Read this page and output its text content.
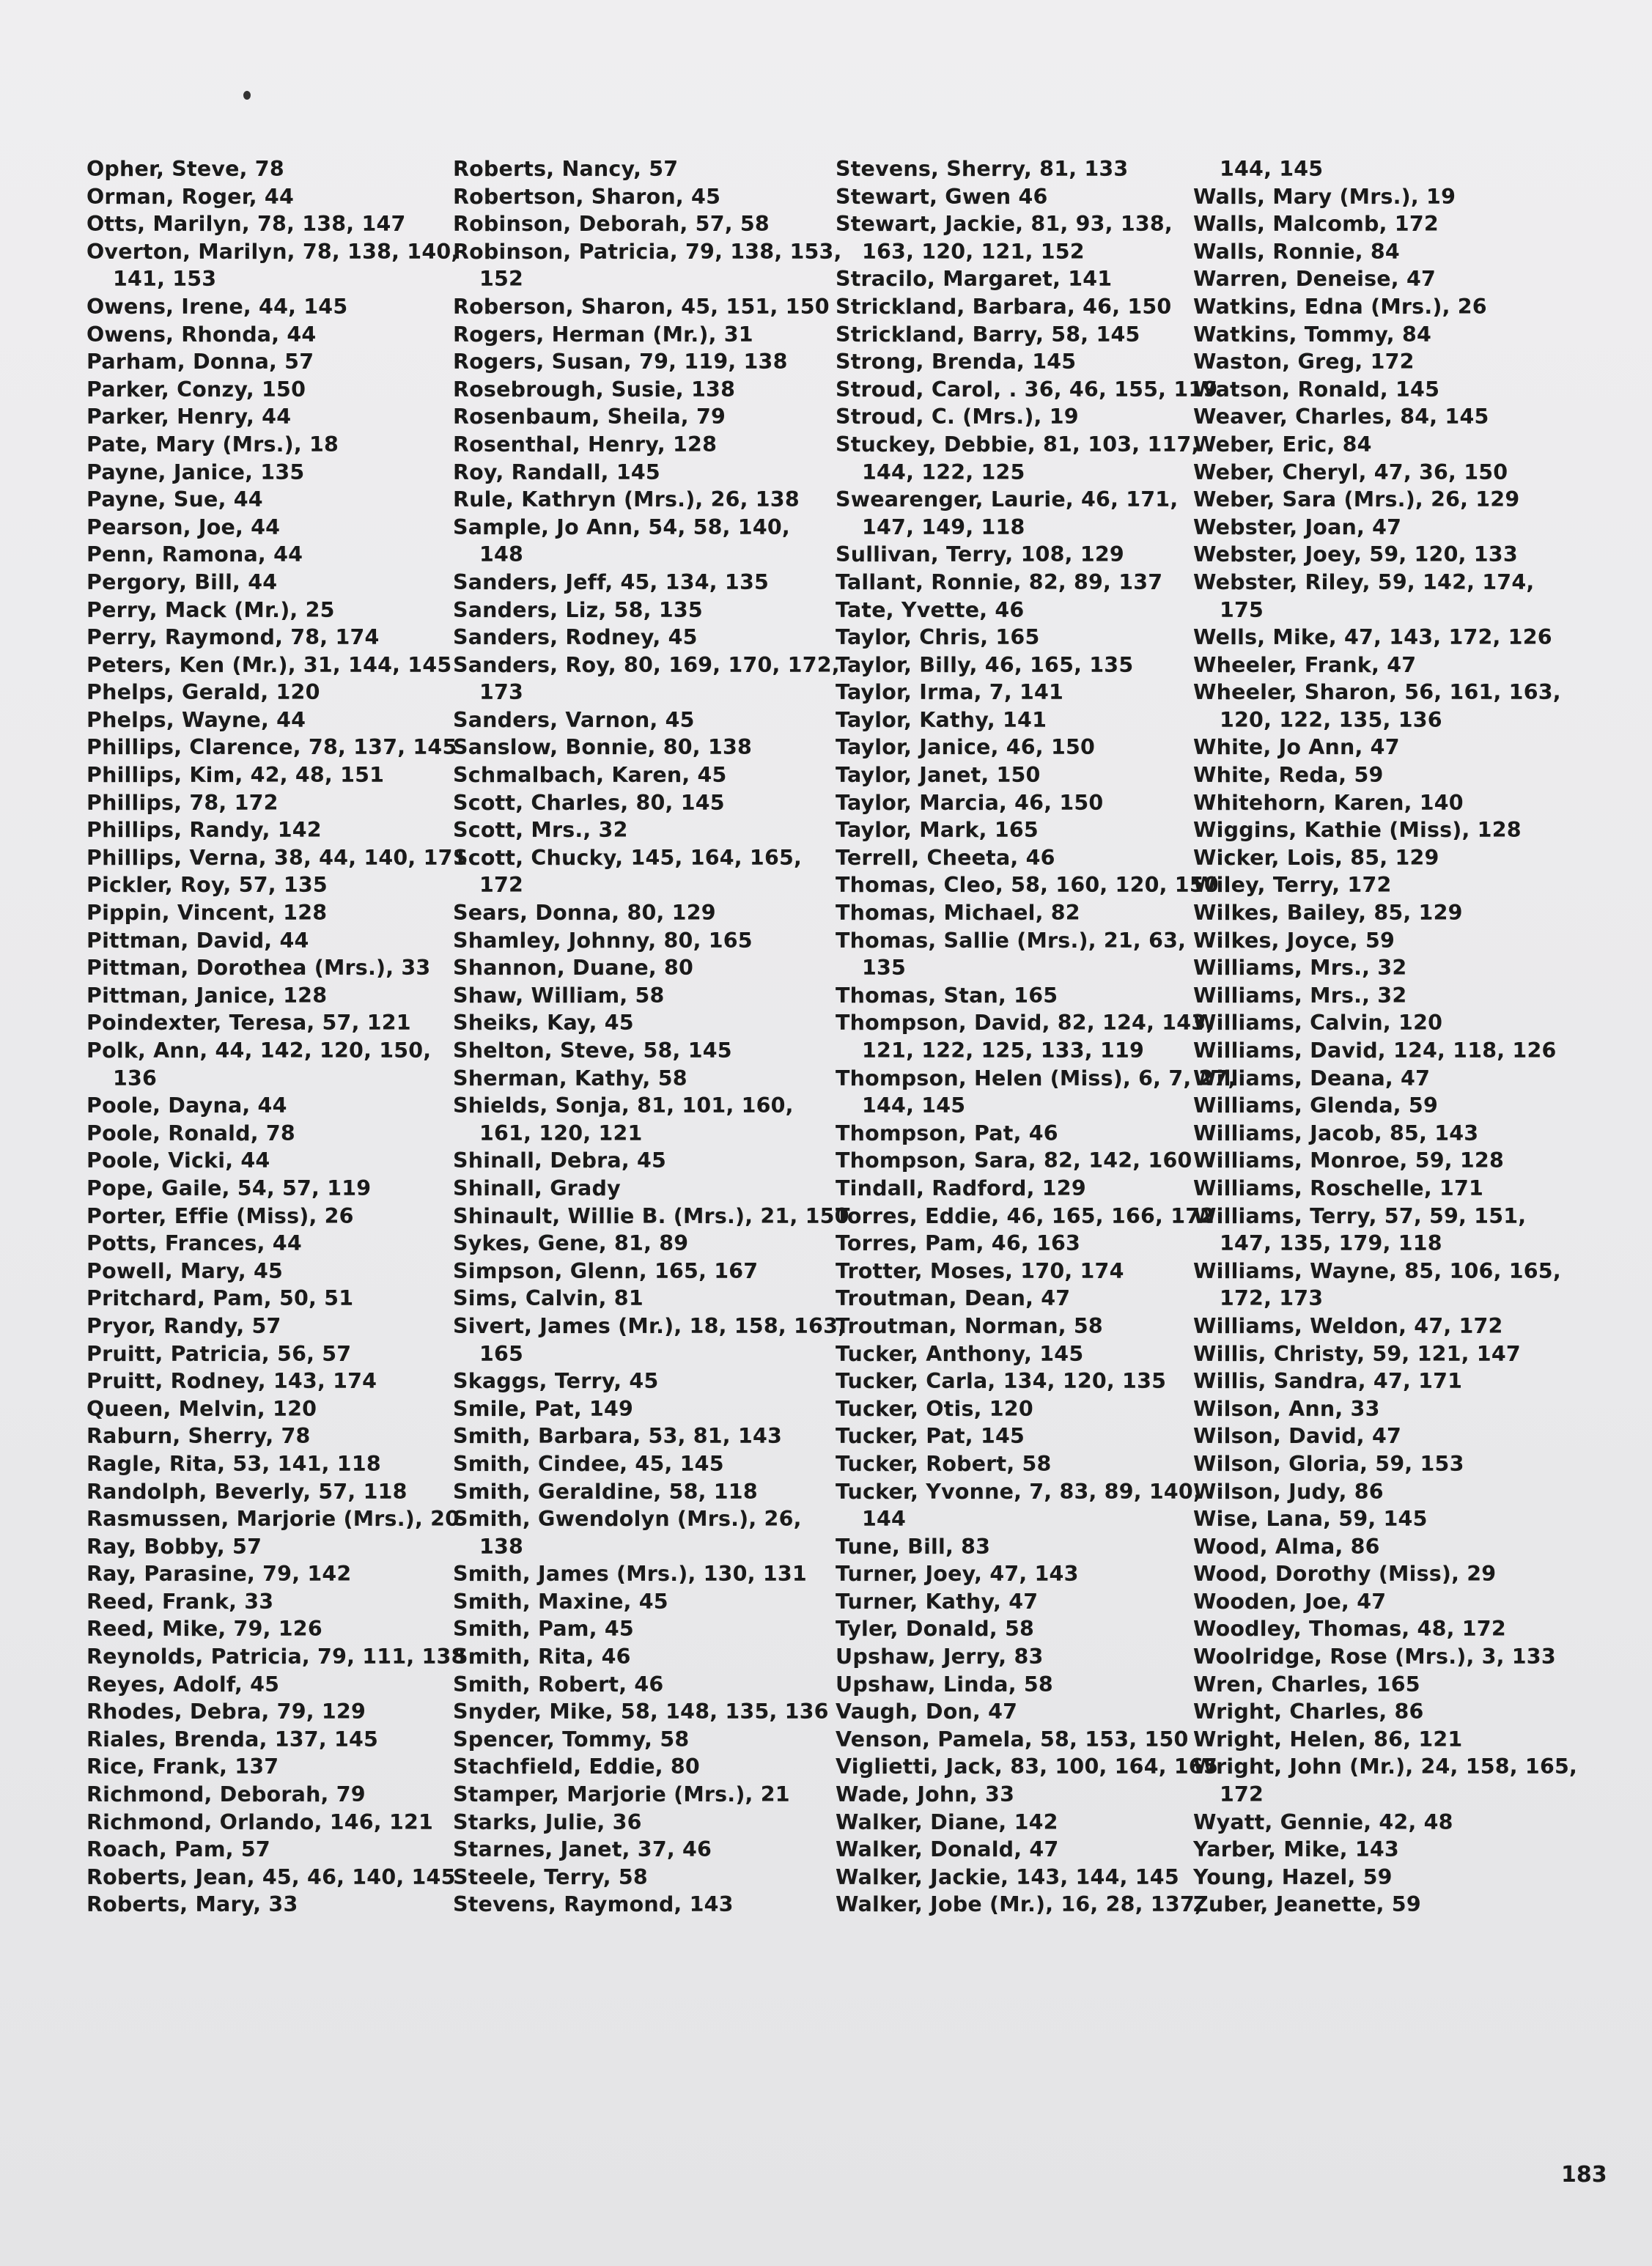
Opher, Steve, 78
Orman, Roger, 44
Otts, Marilyn, 78, 138, 147
Overton, Marilyn, 78, 138, 140,
141, 153
Owens, Irene, 44, 145
Owens, Rhonda, 44
Parham, Donna, 57
Parker, Conzy, 150
Parker, Henry, 44
Pate, Mary (Mrs.), 18
Payne, Janice, 135
Payne, Sue, 44
Pearson, Joe, 44
Penn, Ramona, 44
Pergory, Bill, 44
Perry, Mack (Mr.), 25
Perry, Raymond, 78, 174
Peters, Ken (Mr.), 31, 144, 145
Phelps, Gerald, 120
Phelps, Wayne, 44
Phillips, Clarence, 78, 137, 145
Phillips, Kim, 42, 48, 151
Phillips, 78, 172
Phillips, Randy, 142
Phillips, Verna, 38, 44, 140, 171
Pickler, Roy, 57, 135
Pippin, Vincent, 128
Pittman, David, 44
Pittman, Dorothea (Mrs.), 33
Pittman, Janice, 128
Poindexter, Teresa, 57, 121
Polk, Ann, 44, 142, 120, 150,
136
Poole, Dayna, 44
Poole, Ronald, 78
Poole, Vicki, 44
Pope, Gaile, 54, 57, 119
Porter, Effie (Miss), 26
Potts, Frances, 44
Powell, Mary, 45
Pritchard, Pam, 50, 51
Pryor, Randy, 57
Pruitt, Patricia, 56, 57
Pruitt, Rodney, 143, 174
Queen, Melvin, 120
Raburn, Sherry, 78
Ragle, Rita, 53, 141, 118
Randolph, Beverly, 57, 118
Rasmussen, Marjorie (Mrs.), 20
Ray, Bobby, 57
Ray, Parasine, 79, 142
Reed, Frank, 33
Reed, Mike, 79, 126
Reynolds, Patricia, 79, 111, 138
Reyes, Adolf, 45
Rhodes, Debra, 79, 129
Riales, Brenda, 137, 145
Rice, Frank, 137
Richmond, Deborah, 79
Richmond, Orlando, 146, 121
Roach, Pam, 57
Roberts, Jean, 45, 46, 140, 145
Roberts, Mary, 33
Roberts, Nancy, 57
Robertson, Sharon, 45
Robinson, Deborah, 57, 58
Robinson, Patricia, 79, 138, 153,
152
Roberson, Sharon, 45, 151, 150
Rogers, Herman (Mr.), 31
Rogers, Susan, 79, 119, 138
Rosebrough, Susie, 138
Rosenbaum, Sheila, 79
Rosenthal, Henry, 128
Roy, Randall, 145
Rule, Kathryn (Mrs.), 26, 138
Sample, Jo Ann, 54, 58, 140,
148
Sanders, Jeff, 45, 134, 135
Sanders, Liz, 58, 135
Sanders, Rodney, 45
Sanders, Roy, 80, 169, 170, 172,
173
Sanders, Varnon, 45
Sanslow, Bonnie, 80, 138
Schmalbach, Karen, 45
Scott, Charles, 80, 145
Scott, Mrs., 32
Scott, Chucky, 145, 164, 165,
172
Sears, Donna, 80, 129
Shamley, Johnny, 80, 165
Shannon, Duane, 80
Shaw, William, 58
Sheiks, Kay, 45
Shelton, Steve, 58, 145
Sherman, Kathy, 58
Shields, Sonja, 81, 101, 160,
161, 120, 121
Shinall, Debra, 45
Shinall, Grady
Shinault, Willie B. (Mrs.), 21, 150
Sykes, Gene, 81, 89
Simpson, Glenn, 165, 167
Sims, Calvin, 81
Sivert, James (Mr.), 18, 158, 163,
165
Skaggs, Terry, 45
Smile, Pat, 149
Smith, Barbara, 53, 81, 143
Smith, Cindee, 45, 145
Smith, Geraldine, 58, 118
Smith, Gwendolyn (Mrs.), 26,
138
Smith, James (Mrs.), 130, 131
Smith, Maxine, 45
Smith, Pam, 45
Smith, Rita, 46
Smith, Robert, 46
Snyder, Mike, 58, 148, 135, 136
Spencer, Tommy, 58
Stachfield, Eddie, 80
Stamper, Marjorie (Mrs.), 21
Starks, Julie, 36
Starnes, Janet, 37, 46
Steele, Terry, 58
Stevens, Raymond, 143
Stevens, Sherry, 81, 133
Stewart, Gwen 46
Stewart, Jackie, 81, 93, 138,
163, 120, 121, 152
Stracilo, Margaret, 141
Strickland, Barbara, 46, 150
Strickland, Barry, 58, 145
Strong, Brenda, 145
Stroud, Carol, . 36, 46, 155, 119
Stroud, C. (Mrs.), 19
Stuckey, Debbie, 81, 103, 117,
144, 122, 125
Swearenger, Laurie, 46, 171,
147, 149, 118
Sullivan, Terry, 108, 129
Tallant, Ronnie, 82, 89, 137
Tate, Yvette, 46
Taylor, Chris, 165
Taylor, Billy, 46, 165, 135
Taylor, Irma, 7, 141
Taylor, Kathy, 141
Taylor, Janice, 46, 150
Taylor, Janet, 150
Taylor, Marcia, 46, 150
Taylor, Mark, 165
Terrell, Cheeta, 46
Thomas, Cleo, 58, 160, 120, 150
Thomas, Michael, 82
Thomas, Sallie (Mrs.), 21, 63,
135
Thomas, Stan, 165
Thompson, David, 82, 124, 143,
121, 122, 125, 133, 119
Thompson, Helen (Miss), 6, 7, 27,
144, 145
Thompson, Pat, 46
Thompson, Sara, 82, 142, 160
Tindall, Radford, 129
Torres, Eddie, 46, 165, 166, 172
Torres, Pam, 46, 163
Trotter, Moses, 170, 174
Troutman, Dean, 47
Troutman, Norman, 58
Tucker, Anthony, 145
Tucker, Carla, 134, 120, 135
Tucker, Otis, 120
Tucker, Pat, 145
Tucker, Robert, 58
Tucker, Yvonne, 7, 83, 89, 140,
144
Tune, Bill, 83
Turner, Joey, 47, 143
Turner, Kathy, 47
Tyler, Donald, 58
Upshaw, Jerry, 83
Upshaw, Linda, 58
Vaugh, Don, 47
Venson, Pamela, 58, 153, 150
Viglietti, Jack, 83, 100, 164, 165
Wade, John, 33
Walker, Diane, 142
Walker, Donald, 47
Walker, Jackie, 143, 144, 145
Walker, Jobe (Mr.), 16, 28, 137,
144, 145
Walls, Mary (Mrs.), 19
Walls, Malcomb, 172
Walls, Ronnie, 84
Warren, Deneise, 47
Watkins, Edna (Mrs.), 26
Watkins, Tommy, 84
Waston, Greg, 172
Watson, Ronald, 145
Weaver, Charles, 84, 145
Weber, Eric, 84
Weber, Cheryl, 47, 36, 150
Weber, Sara (Mrs.), 26, 129
Webster, Joan, 47
Webster, Joey, 59, 120, 133
Webster, Riley, 59, 142, 174,
175
Wells, Mike, 47, 143, 172, 126
Wheeler, Frank, 47
Wheeler, Sharon, 56, 161, 163,
120, 122, 135, 136
White, Jo Ann, 47
White, Reda, 59
Whitehorn, Karen, 140
Wiggins, Kathie (Miss), 128
Wicker, Lois, 85, 129
Wiley, Terry, 172
Wilkes, Bailey, 85, 129
Wilkes, Joyce, 59
Williams, Mrs., 32
Williams, Mrs., 32
Williams, Calvin, 120
Williams, David, 124, 118, 126
Williams, Deana, 47
Williams, Glenda, 59
Williams, Jacob, 85, 143
Williams, Monroe, 59, 128
Williams, Roschelle, 171
Williams, Terry, 57, 59, 151,
147, 135, 179, 118
Williams, Wayne, 85, 106, 165,
172, 173
Williams, Weldon, 47, 172
Willis, Christy, 59, 121, 147
Willis, Sandra, 47, 171
Wilson, Ann, 33
Wilson, David, 47
Wilson, Gloria, 59, 153
Wilson, Judy, 86
Wise, Lana, 59, 145
Wood, Alma, 86
Wood, Dorothy (Miss), 29
Wooden, Joe, 47
Woodley, Thomas, 48, 172
Woolridge, Rose (Mrs.), 3, 133
Wren, Charles, 165
Wright, Charles, 86
Wright, Helen, 86, 121
Wright, John (Mr.), 24, 158, 165,
172
Wyatt, Gennie, 42, 48
Yarber, Mike, 143
Young, Hazel, 59
Zuber, Jeanette, 59
183
